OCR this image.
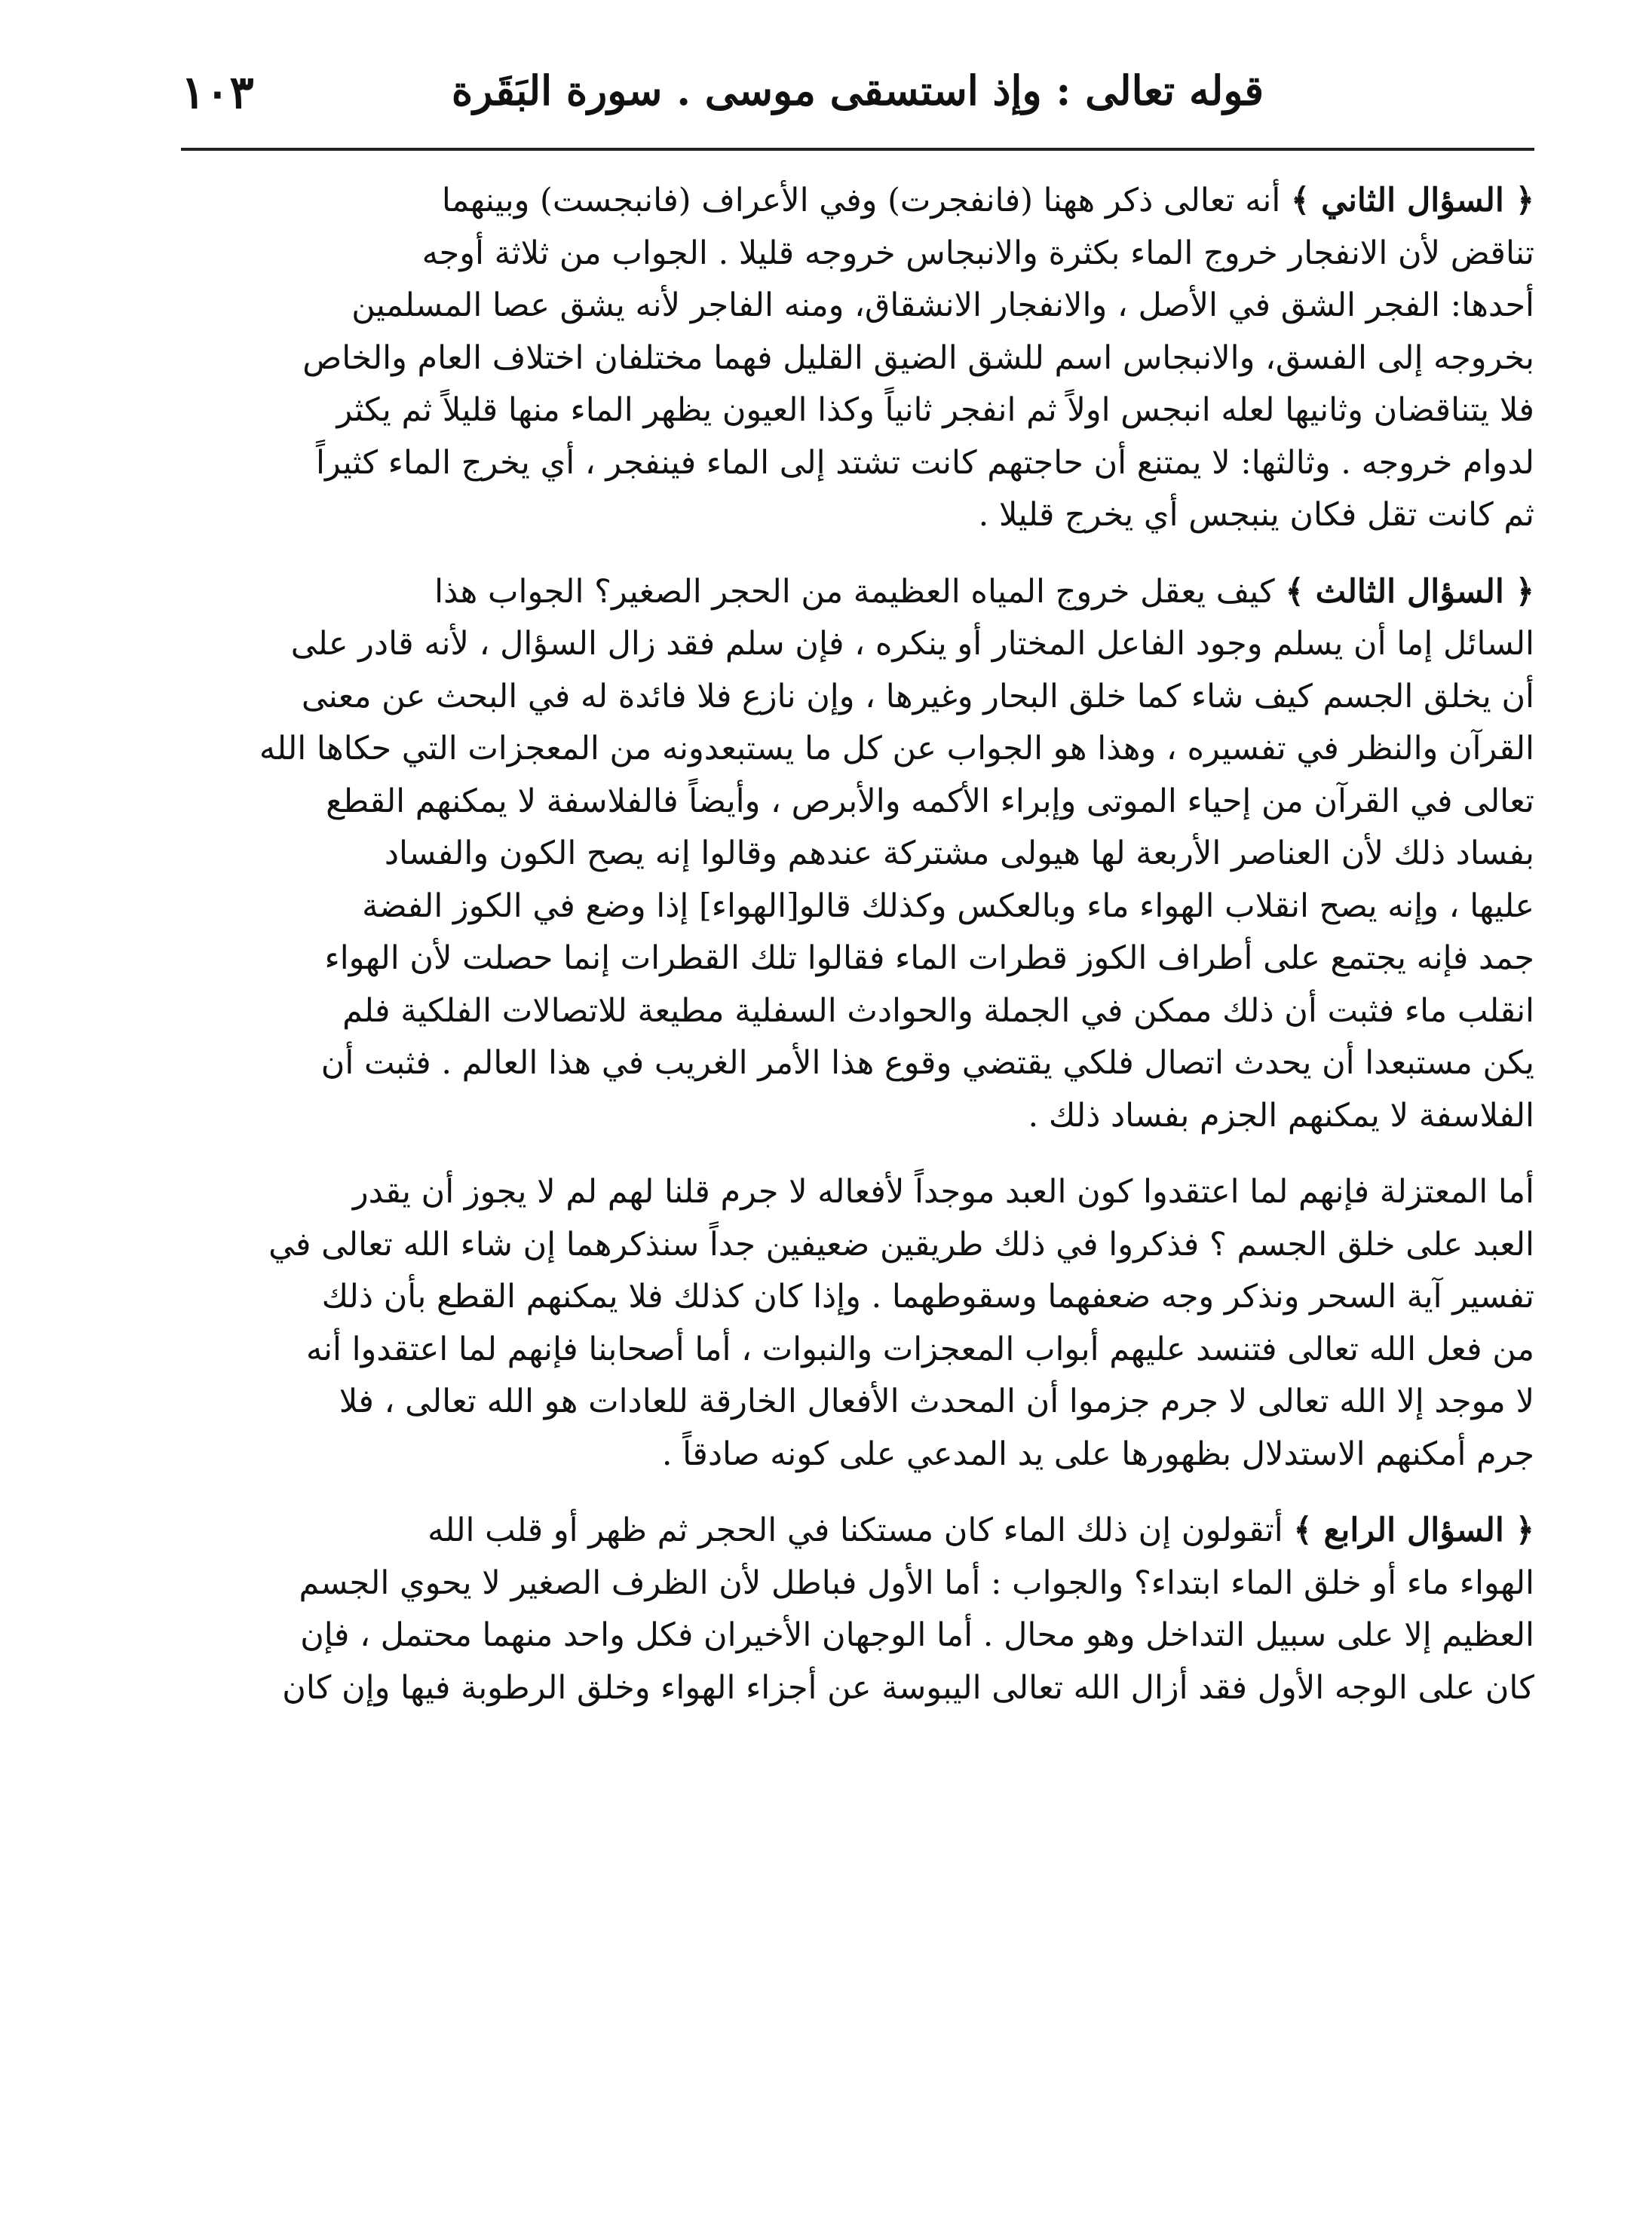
١٠٣	قوله تعالى : وإذ استسقى موسى . سورة البَقَرة
﴿ السؤال الثاني ﴾ أنه تعالى ذكر ههنا (فانفجرت) وفي الأعراف (فانبجست) وبينهما
تناقض لأن الانفجار خروج الماء بكثرة والانبجاس خروجه قليلا . الجواب من ثلاثة أوجه
أحدها: الفجر الشق في الأصل ، والانفجار الانشقاق، ومنه الفاجر لأنه يشق عصا المسلمين
بخروجه إلى الفسق، والانبجاس اسم للشق الضيق القليل فهما مختلفان اختلاف العام والخاص
فلا يتناقضان وثانيها لعله انبجس اولاً ثم انفجر ثانياً وكذا العيون يظهر الماء منها قليلاً ثم يكثر
لدوام خروجه . وثالثها: لا يمتنع أن حاجتهم كانت تشتد إلى الماء فينفجر ، أي يخرج الماء كثيراً
ثم كانت تقل فكان ينبجس أي يخرج قليلا .
﴿ السؤال الثالث ﴾ كيف يعقل خروج المياه العظيمة من الحجر الصغير؟ الجواب هذا
السائل إما أن يسلم وجود الفاعل المختار أو ينكره ، فإن سلم فقد زال السؤال ، لأنه قادر على
أن يخلق الجسم كيف شاء كما خلق البحار وغيرها ، وإن نازع فلا فائدة له في البحث عن معنى
القرآن والنظر في تفسيره ، وهذا هو الجواب عن كل ما يستبعدونه من المعجزات التي حكاها الله
تعالى في القرآن من إحياء الموتى وإبراء الأكمه والأبرص ، وأيضاً فالفلاسفة لا يمكنهم القطع
بفساد ذلك لأن العناصر الأربعة لها هيولى مشتركة عندهم وقالوا إنه يصح الكون والفساد
عليها ، وإنه يصح انقلاب الهواء ماء وبالعكس وكذلك قالو[الهواء] إذا وضع في الكوز الفضة
جمد فإنه يجتمع على أطراف الكوز قطرات الماء فقالوا تلك القطرات إنما حصلت لأن الهواء
انقلب ماء فثبت أن ذلك ممكن في الجملة والحوادث السفلية مطيعة للاتصالات الفلكية فلم
يكن مستبعدا أن يحدث اتصال فلكي يقتضي وقوع هذا الأمر الغريب في هذا العالم . فثبت أن
الفلاسفة لا يمكنهم الجزم بفساد ذلك .
أما المعتزلة فإنهم لما اعتقدوا كون العبد موجداً لأفعاله لا جرم قلنا لهم لم لا يجوز أن يقدر
العبد على خلق الجسم ؟ فذكروا في ذلك طريقين ضعيفين جداً سنذكرهما إن شاء الله تعالى في
تفسير آية السحر ونذكر وجه ضعفهما وسقوطهما . وإذا كان كذلك فلا يمكنهم القطع بأن ذلك
من فعل الله تعالى فتنسد عليهم أبواب المعجزات والنبوات ، أما أصحابنا فإنهم لما اعتقدوا أنه
لا موجد إلا الله تعالى لا جرم جزموا أن المحدث الأفعال الخارقة للعادات هو الله تعالى ، فلا
جرم أمكنهم الاستدلال بظهورها على يد المدعي على كونه صادقاً .
﴿ السؤال الرابع ﴾ أتقولون إن ذلك الماء كان مستكنا في الحجر ثم ظهر أو قلب الله
الهواء ماء أو خلق الماء ابتداء؟ والجواب : أما الأول فباطل لأن الظرف الصغير لا يحوي الجسم
العظيم إلا على سبيل التداخل وهو محال . أما الوجهان الأخيران فكل واحد منهما محتمل ، فإن
كان على الوجه الأول فقد أزال الله تعالى اليبوسة عن أجزاء الهواء وخلق الرطوبة فيها وإن كان
